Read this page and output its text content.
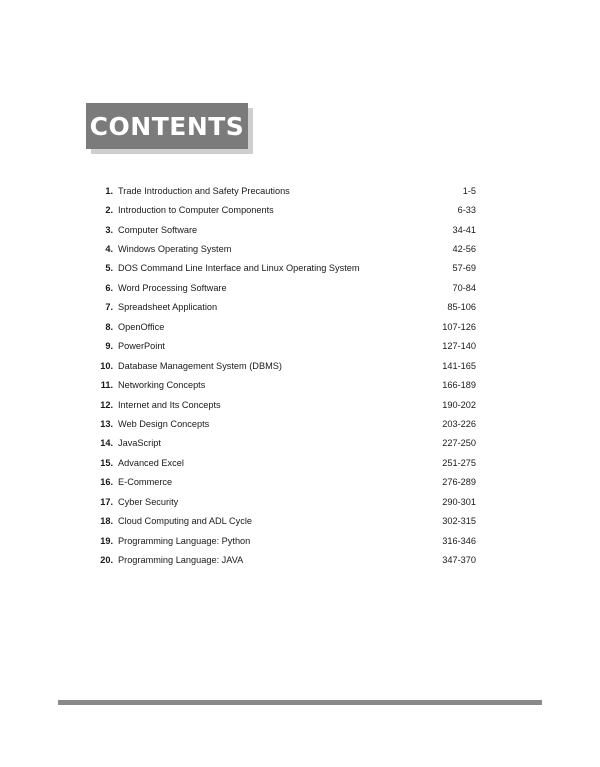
CONTENTS
1. Trade Introduction and Safety Precautions	1-5
2. Introduction to Computer Components	6-33
3. Computer Software	34-41
4. Windows Operating System	42-56
5. DOS Command Line Interface and Linux Operating System	57-69
6. Word Processing Software	70-84
7. Spreadsheet Application	85-106
8. OpenOffice	107-126
9. PowerPoint	127-140
10. Database Management System (DBMS)	141-165
11. Networking Concepts	166-189
12. Internet and Its Concepts	190-202
13. Web Design Concepts	203-226
14. JavaScript	227-250
15. Advanced Excel	251-275
16. E-Commerce	276-289
17. Cyber Security	290-301
18. Cloud Computing and ADL Cycle	302-315
19. Programming Language: Python	316-346
20. Programming Language: JAVA	347-370
